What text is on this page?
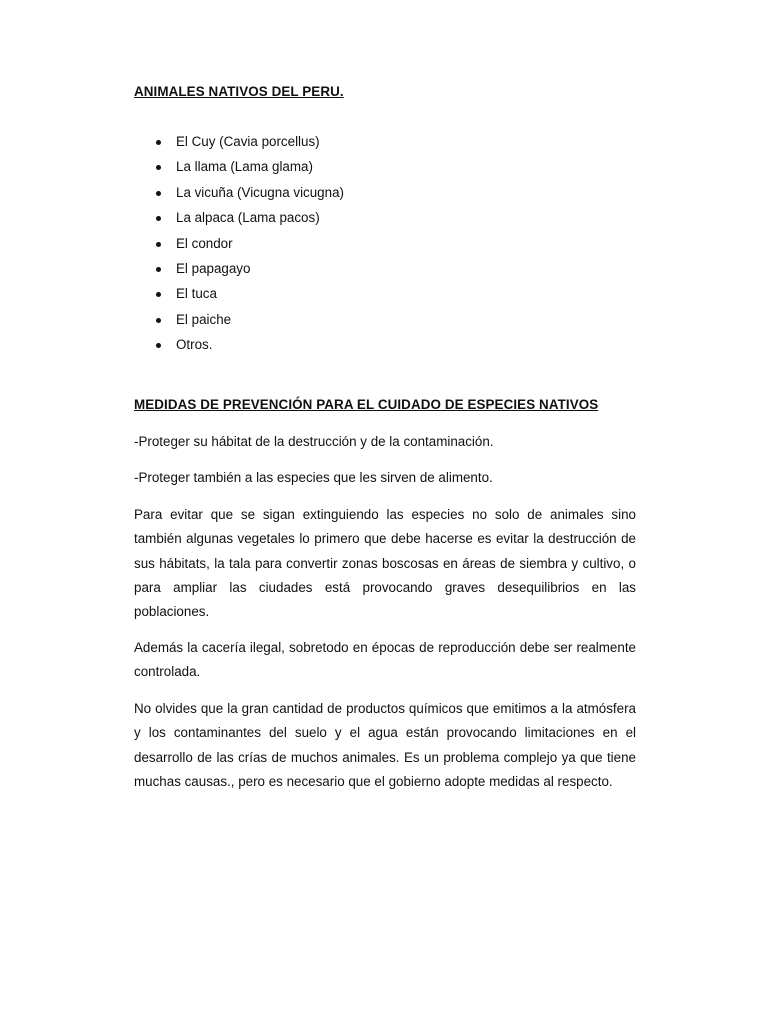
ANIMALES NATIVOS DEL PERU.
El Cuy (Cavia porcellus)
La llama (Lama glama)
La vicuña (Vicugna vicugna)
La alpaca (Lama pacos)
El condor
El papagayo
El tuca
El paiche
Otros.
MEDIDAS DE PREVENCIÓN PARA EL CUIDADO DE ESPECIES NATIVOS

-Proteger su hábitat de la destrucción y de la contaminación.

-Proteger también a las especies que les sirven de alimento.

Para evitar que se sigan extinguiendo las especies no solo de animales sino también algunas vegetales lo primero que debe hacerse es evitar la destrucción de sus hábitats, la tala para convertir zonas boscosas en áreas de siembra y cultivo, o para ampliar las ciudades está provocando graves desequilibrios en las poblaciones.

Además la cacería ilegal, sobretodo en épocas de reproducción debe ser realmente controlada.

No olvides que la gran cantidad de productos químicos que emitimos a la atmósfera y los contaminantes del suelo y el agua están provocando limitaciones en el desarrollo de las crías de muchos animales. Es un problema complejo ya que tiene muchas causas., pero es necesario que el gobierno adopte medidas al respecto.
